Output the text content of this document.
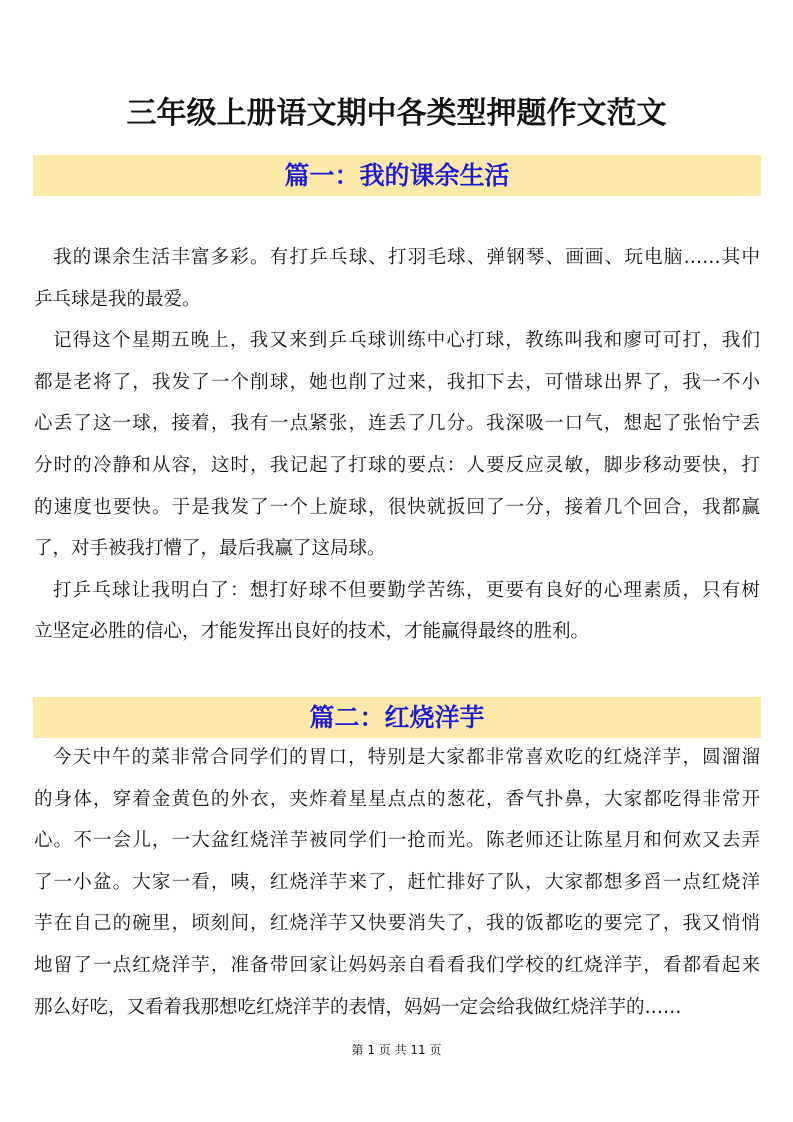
三年级上册语文期中各类型押题作文范文
篇一：我的课余生活
我的课余生活丰富多彩。有打乒乓球、打羽毛球、弹钢琴、画画、玩电脑……其中
乒乓球是我的最爱。
记得这个星期五晚上，我又来到乒乓球训练中心打球，教练叫我和廖可可打，我们
都是老将了，我发了一个削球，她也削了过来，我扣下去，可惜球出界了，我一不小
心丢了这一球，接着，我有一点紧张，连丢了几分。我深吸一口气，想起了张怡宁丢
分时的冷静和从容，这时，我记起了打球的要点：人要反应灵敏，脚步移动要快，打
的速度也要快。于是我发了一个上旋球，很快就扳回了一分，接着几个回合，我都赢
了，对手被我打懵了，最后我赢了这局球。
打乒乓球让我明白了：想打好球不但要勤学苦练，更要有良好的心理素质，只有树
立坚定必胜的信心，才能发挥出良好的技术，才能赢得最终的胜利。
篇二：红烧洋芋
今天中午的菜非常合同学们的胃口，特别是大家都非常喜欢吃的红烧洋芋，圆溜溜
的身体，穿着金黄色的外衣，夹炸着星星点点的葱花，香气扑鼻，大家都吃得非常开
心。不一会儿，一大盆红烧洋芋被同学们一抢而光。陈老师还让陈星月和何欢又去弄
了一小盆。大家一看，咦，红烧洋芋来了，赶忙排好了队，大家都想多舀一点红烧洋
芋在自己的碗里，顷刻间，红烧洋芋又快要消失了，我的饭都吃的要完了，我又悄悄
地留了一点红烧洋芋，准备带回家让妈妈亲自看看我们学校的红烧洋芋，看都看起来
那么好吃，又看着我那想吃红烧洋芋的表情，妈妈一定会给我做红烧洋芋的……
第 1 页 共 11 页
